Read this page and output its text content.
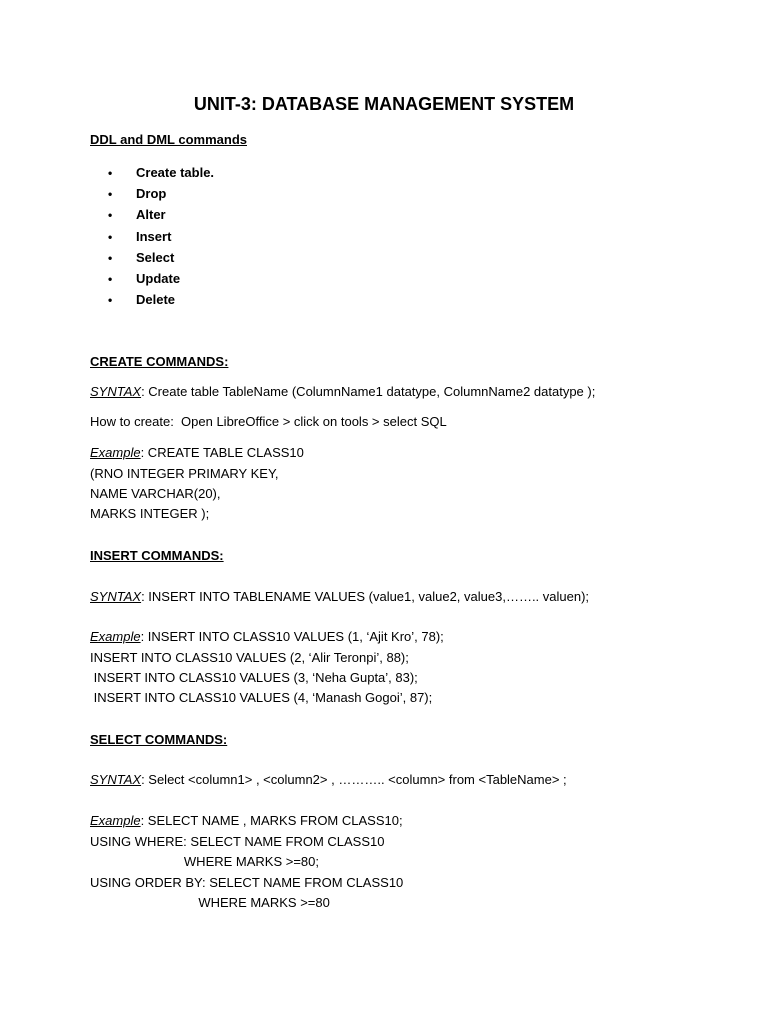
UNIT-3: DATABASE MANAGEMENT SYSTEM
DDL and DML commands
• Create table.
• Drop
• Alter
• Insert
• Select
• Update
• Delete
CREATE COMMANDS:
SYNTAX: Create table TableName (ColumnName1 datatype, ColumnName2 datatype );
How to create:  Open LibreOffice > click on tools > select SQL
Example: CREATE TABLE CLASS10
(RNO INTEGER PRIMARY KEY,
NAME VARCHAR(20),
MARKS INTEGER );
INSERT COMMANDS:
SYNTAX: INSERT INTO TABLENAME VALUES (value1, value2, value3,…….. valuen);
Example: INSERT INTO CLASS10 VALUES (1, ‘Ajit Kro’, 78);
INSERT INTO CLASS10 VALUES (2, ‘Alir Teronpi’, 88);
INSERT INTO CLASS10 VALUES (3, ‘Neha Gupta’, 83);
INSERT INTO CLASS10 VALUES (4, ‘Manash Gogoi’, 87);
SELECT COMMANDS:
SYNTAX: Select <column1> , <column2> , ……….. <column> from <TableName> ;
Example: SELECT NAME , MARKS FROM CLASS10;
USING WHERE: SELECT NAME FROM CLASS10
WHERE MARKS >=80;
USING ORDER BY: SELECT NAME FROM CLASS10
WHERE MARKS >=80
